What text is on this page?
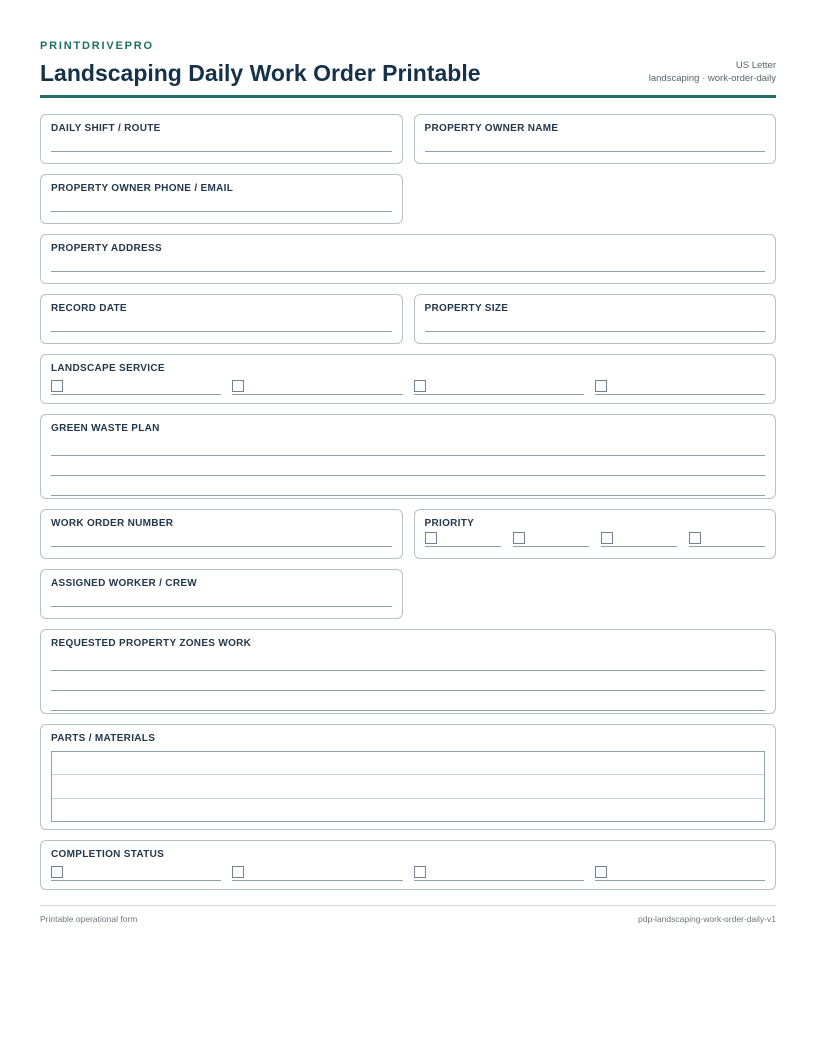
PRINTDRIVEPRO
Landscaping Daily Work Order Printable	US Letter
landscaping · work-order-daily
DAILY SHIFT / ROUTE	PROPERTY OWNER NAME
PROPERTY OWNER PHONE / EMAIL
PROPERTY ADDRESS
RECORD DATE	PROPERTY SIZE
LANDSCAPE SERVICE
GREEN WASTE PLAN
WORK ORDER NUMBER	PRIORITY
ASSIGNED WORKER / CREW
REQUESTED PROPERTY ZONES WORK
PARTS / MATERIALS
COMPLETION STATUS
Printable operational form	pdp-landscaping-work-order-daily-v1
